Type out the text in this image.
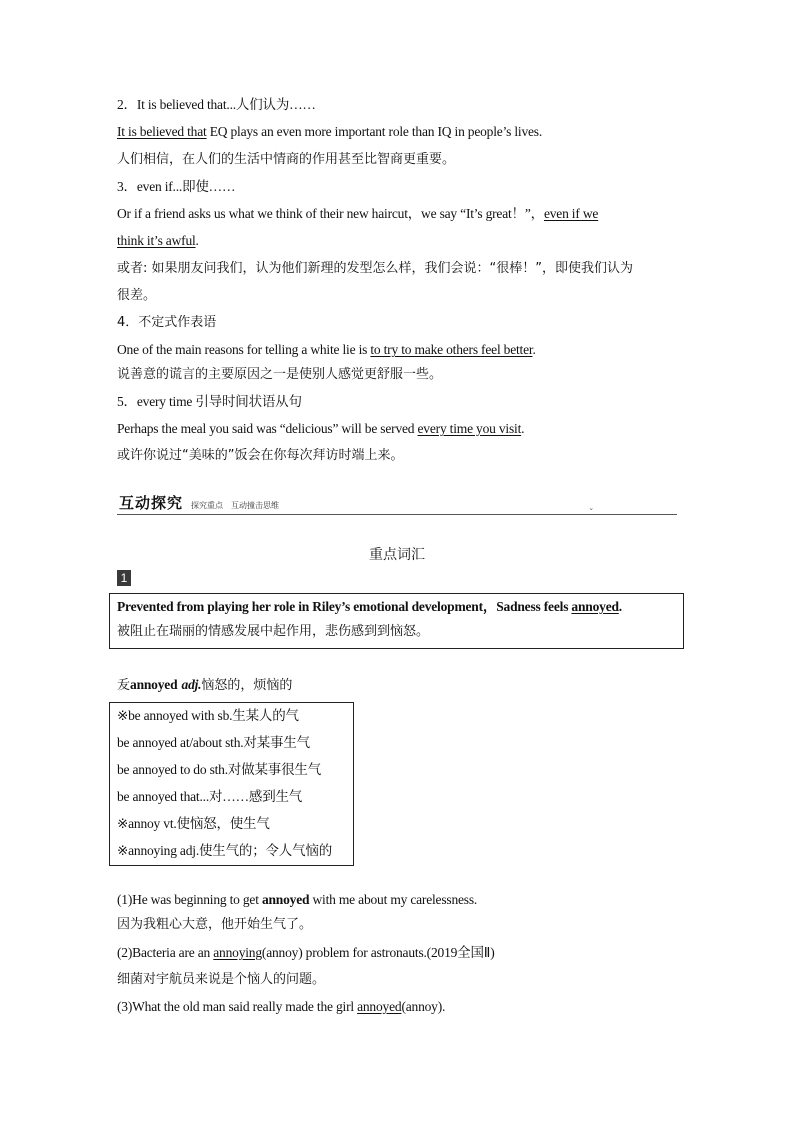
2．It is believed that...人们认为……
It is believed that EQ plays an even more important role than IQ in people’s lives.
人们相信，在人们的生活中情商的作用甚至比智商更重要。
3．even if...即使……
Or if a friend asks us what we think of their new haircut，we say “It’s great！”，even if we
think it’s awful.
或者: 如果朋友问我们，认为他们新理的发型怎么样，我们会说：“很棒！”，即使我们认为
很差。
4．不定式作表语
One of the main reasons for telling a white lie is to try to make others feel better.
说善意的谎言的主要原因之一是使别人感觉更舒服一些。
5．every time 引导时间状语从句
Perhaps the meal you said was “delicious” will be served every time you visit.
或许你说过“美味的”饭会在你每次拜访时端上来。
互动探究 探究重点　互动撞击思维
ˇ
重点词汇
1
Prevented from playing her role in Riley’s emotional development，Sadness feels annoyed.
被阻止在瑞丽的情感发展中起作用，悲伤感到到恼怒。
叐annoyed adj.恼怒的，烦恼的
※be annoyed with sb.生某人的气
be annoyed at/about sth.对某事生气
be annoyed to do sth.对做某事很生气
be annoyed that...对……感到生气
※annoy vt.使恼怒，使生气
※annoying adj.使生气的；令人气恼的
(1)He was beginning to get annoyed with me about my carelessness.
因为我粗心大意，他开始生气了。
(2)Bacteria are an annoying(annoy) problem for astronauts.(2019全国Ⅱ)
细菌对宇航员来说是个恼人的问题。
(3)What the old man said really made the girl annoyed(annoy).
